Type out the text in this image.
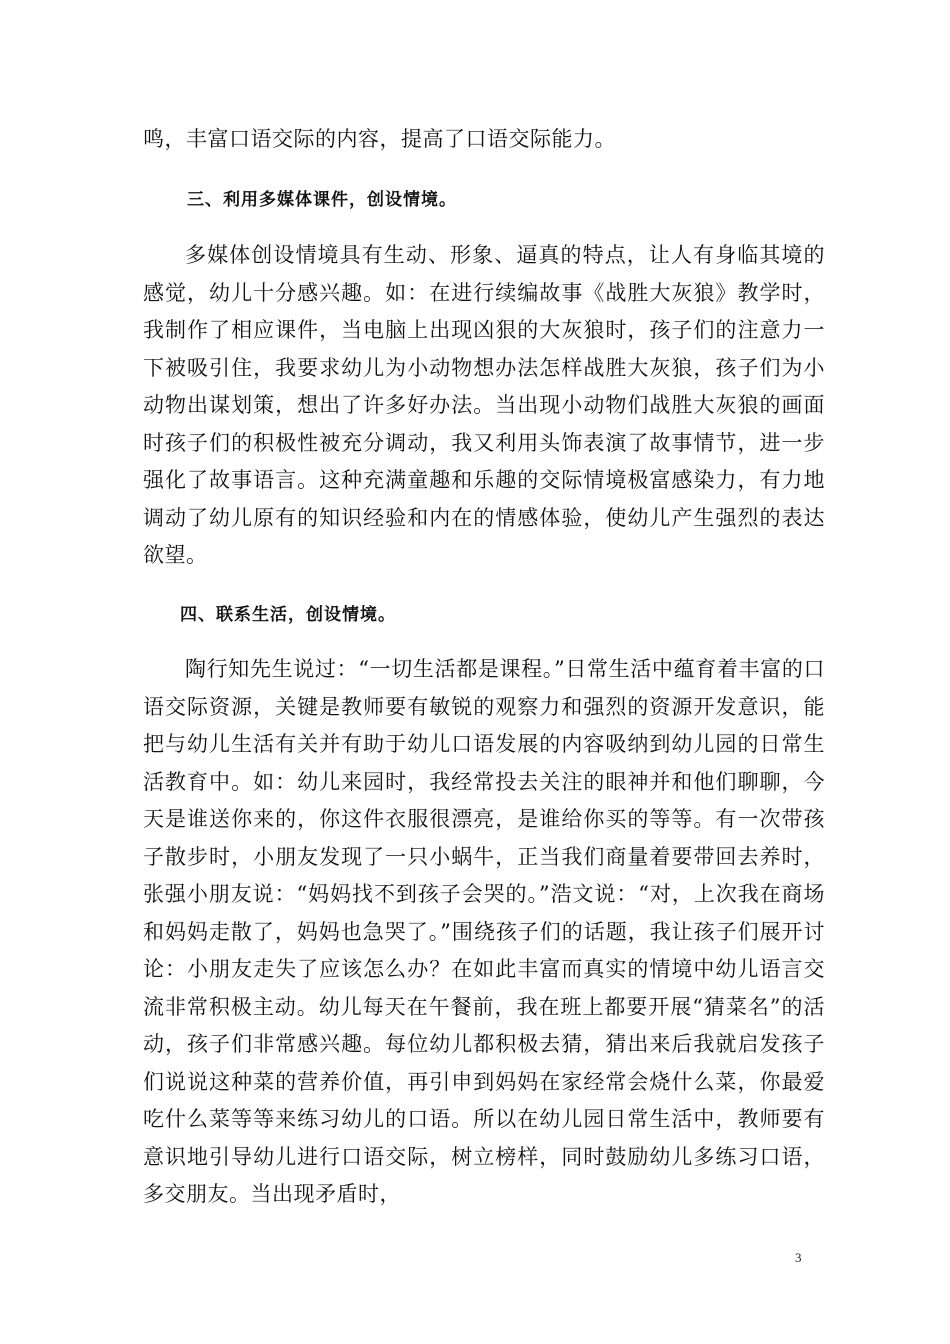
鸣，丰富口语交际的内容，提高了口语交际能力。
三、利用多媒体课件，创设情境。
多媒体创设情境具有生动、形象、逼真的特点，让人有身临其境的感觉，幼儿十分感兴趣。如：在进行续编故事《战胜大灰狼》教学时，我制作了相应课件，当电脑上出现凶狠的大灰狼时，孩子们的注意力一下被吸引住，我要求幼儿为小动物想办法怎样战胜大灰狼，孩子们为小动物出谋划策，想出了许多好办法。当出现小动物们战胜大灰狼的画面时孩子们的积极性被充分调动，我又利用头饰表演了故事情节，进一步强化了故事语言。这种充满童趣和乐趣的交际情境极富感染力，有力地调动了幼儿原有的知识经验和内在的情感体验，使幼儿产生强烈的表达欲望。
四、联系生活，创设情境。
陶行知先生说过：“一切生活都是课程。”日常生活中蕴育着丰富的口语交际资源，关键是教师要有敏锐的观察力和强烈的资源开发意识，能把与幼儿生活有关并有助于幼儿口语发展的内容吸纳到幼儿园的日常生活教育中。如：幼儿来园时，我经常投去关注的眼神并和他们聊聊，今天是谁送你来的，你这件衣服很漂亮，是谁给你买的等等。有一次带孩子散步时，小朋友发现了一只小蜗牛，正当我们商量着要带回去养时，张强小朋友说：“妈妈找不到孩子会哭的。”浩文说：“对，上次我在商场和妈妈走散了，妈妈也急哭了。”围绕孩子们的话题，我让孩子们展开讨论：小朋友走失了应该怎么办？在如此丰富而真实的情境中幼儿语言交流非常积极主动。幼儿每天在午餐前，我在班上都要开展“猜菜名”的活动，孩子们非常感兴趣。每位幼儿都积极去猜，猜出来后我就启发孩子们说说这种菜的营养价值，再引申到妈妈在家经常会烧什么菜，你最爱吃什么菜等等来练习幼儿的口语。所以在幼儿园日常生活中，教师要有意识地引导幼儿进行口语交际，树立榜样，同时鼓励幼儿多练习口语，多交朋友。当出现矛盾时，
3
